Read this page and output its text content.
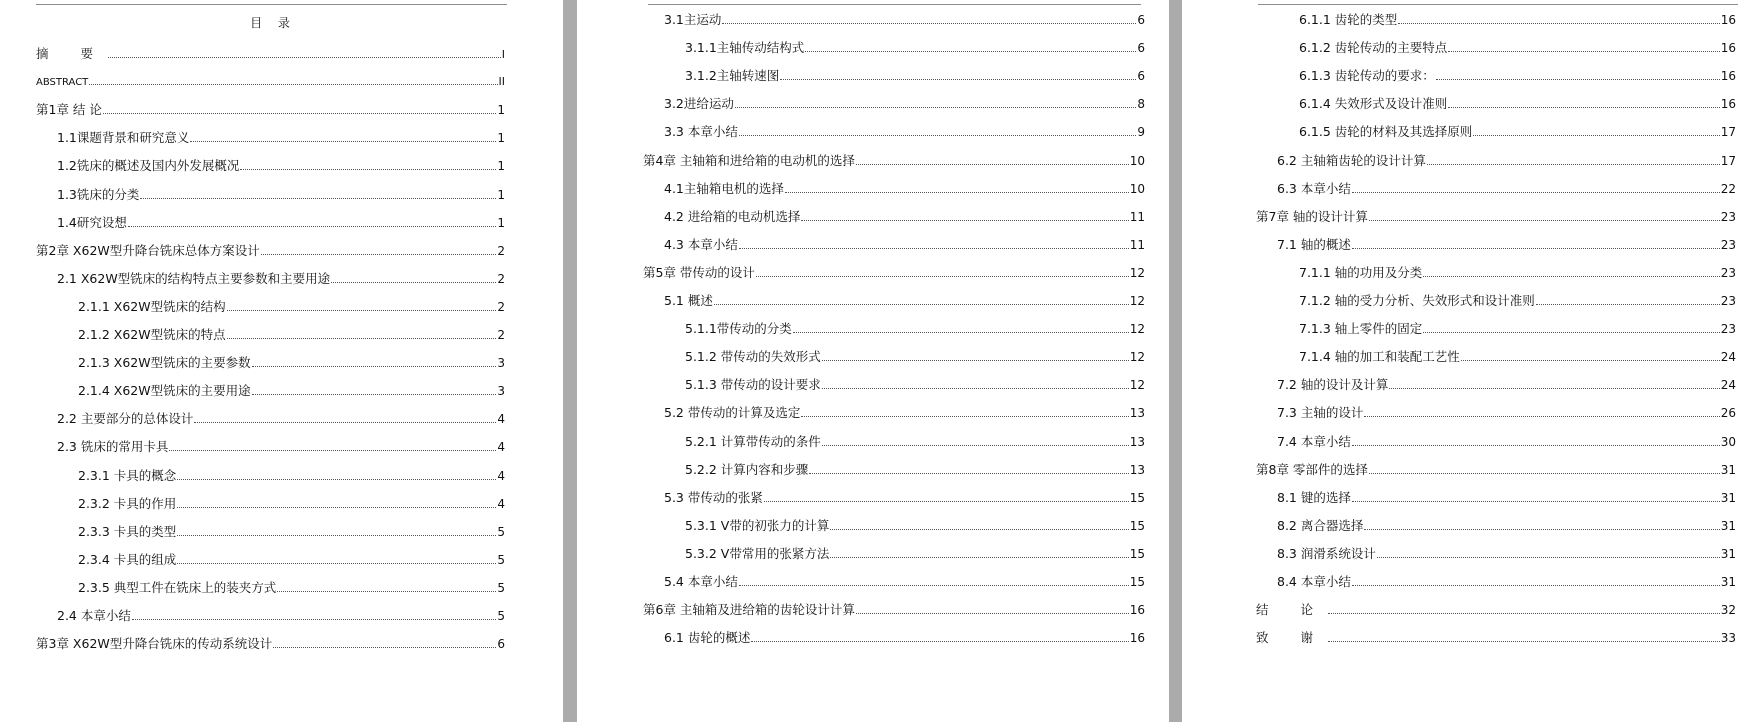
目 录
摘 要	I
ABSTRACT	II
第1章 结 论	1
1.1课题背景和研究意义	1
1.2铣床的概述及国内外发展概况	1
1.3铣床的分类	1
1.4研究设想	1
第2章 X62W型升降台铣床总体方案设计	2
2.1 X62W型铣床的结构特点主要参数和主要用途	2
2.1.1 X62W型铣床的结构	2
2.1.2 X62W型铣床的特点	2
2.1.3 X62W型铣床的主要参数	3
2.1.4 X62W型铣床的主要用途	3
2.2 主要部分的总体设计	4
2.3 铣床的常用卡具	4
2.3.1 卡具的概念	4
2.3.2 卡具的作用	4
2.3.3 卡具的类型	5
2.3.4 卡具的组成	5
2.3.5 典型工件在铣床上的装夹方式	5
2.4 本章小结	5
第3章 X62W型升降台铣床的传动系统设计	6
3.1主运动	6
3.1.1主轴传动结构式	6
3.1.2主轴转速图	6
3.2进给运动	8
3.3 本章小结	9
第4章 主轴箱和进给箱的电动机的选择	10
4.1主轴箱电机的选择	10
4.2 进给箱的电动机选择	11
4.3 本章小结	11
第5章 带传动的设计	12
5.1 概述	12
5.1.1带传动的分类	12
5.1.2 带传动的失效形式	12
5.1.3 带传动的设计要求	12
5.2 带传动的计算及选定	13
5.2.1 计算带传动的条件	13
5.2.2 计算内容和步骤	13
5.3 带传动的张紧	15
5.3.1 V带的初张力的计算	15
5.3.2 V带常用的张紧方法	15
5.4 本章小结	15
第6章 主轴箱及进给箱的齿轮设计计算	16
6.1 齿轮的概述	16
6.1.1 齿轮的类型	16
6.1.2 齿轮传动的主要特点	16
6.1.3 齿轮传动的要求：	16
6.1.4 失效形式及设计准则	16
6.1.5 齿轮的材料及其选择原则	17
6.2 主轴箱齿轮的设计计算	17
6.3 本章小结	22
第7章 轴的设计计算	23
7.1 轴的概述	23
7.1.1 轴的功用及分类	23
7.1.2 轴的受力分析、失效形式和设计准则	23
7.1.3 轴上零件的固定	23
7.1.4 轴的加工和装配工艺性	24
7.2 轴的设计及计算	24
7.3 主轴的设计	26
7.4 本章小结	30
第8章 零部件的选择	31
8.1 键的选择	31
8.2 离合器选择	31
8.3 润滑系统设计	31
8.4 本章小结	31
结 论	32
致 谢	33
